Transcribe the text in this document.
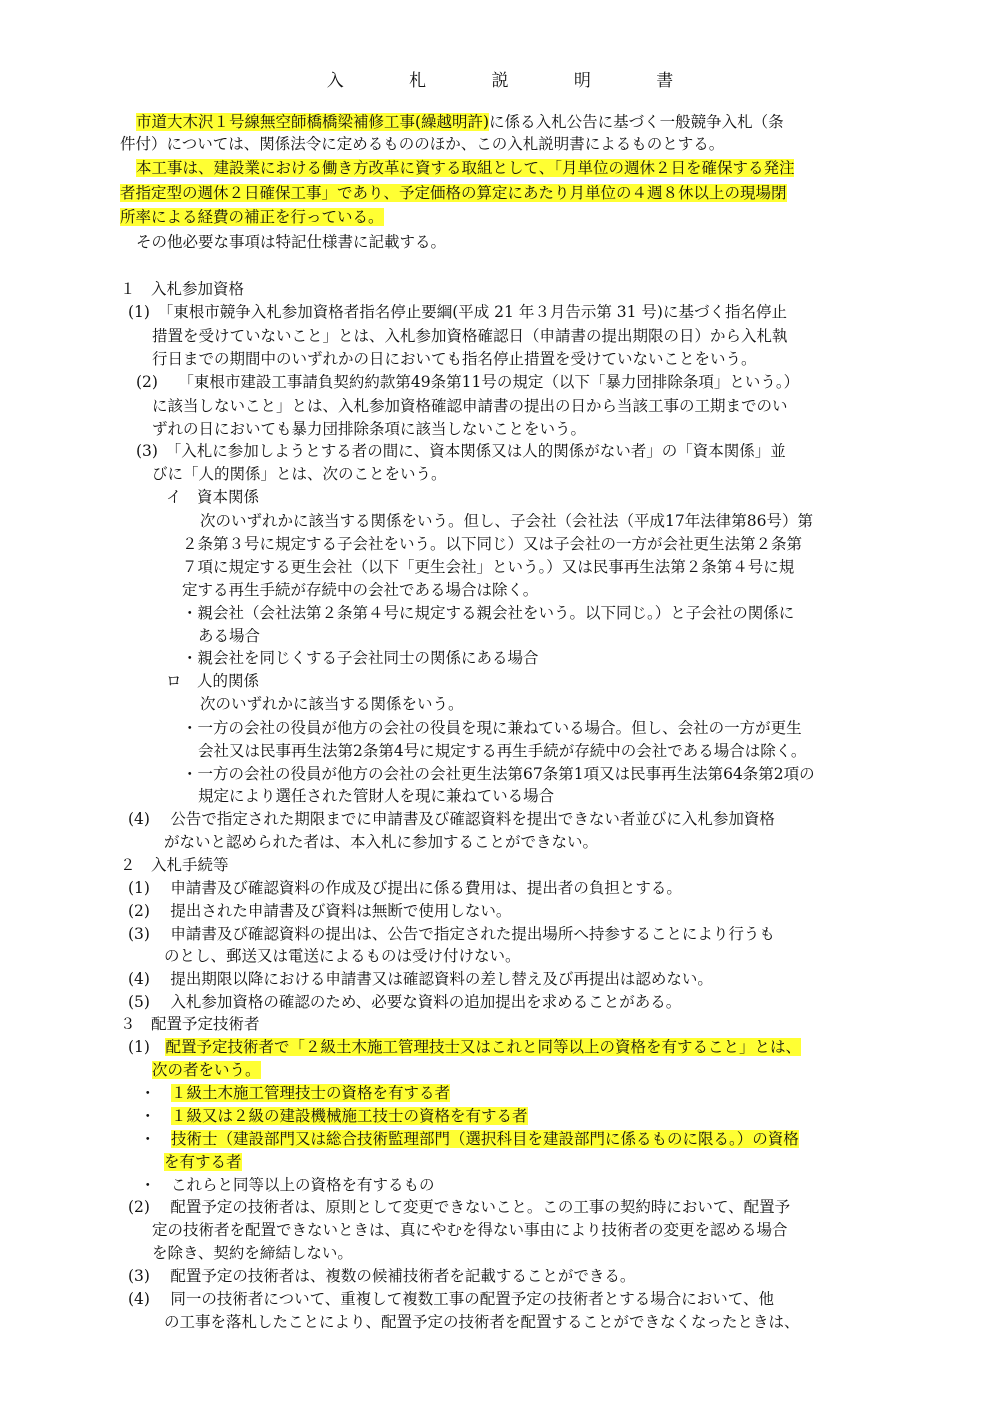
入 札 説 明 書
市道大木沢１号線無空師橋橋梁補修工事(繰越明許)に係る入札公告に基づく一般競争入札（条
件付）については、関係法令に定めるもののほか、この入札説明書によるものとする。
本工事は、建設業における働き方改革に資する取組として、「月単位の週休２日を確保する発注
者指定型の週休２日確保工事」であり、予定価格の算定にあたり月単位の４週８休以上の現場閉
所率による経費の補正を行っている。
その他必要な事項は特記仕様書に記載する。
１　入札参加資格
(1)　「東根市競争入札参加資格者指名停止要綱(平成 21 年３月告示第 31 号)に基づく指名停止
措置を受けていないこと」とは、入札参加資格確認日（申請書の提出期限の日）から入札執
行日までの期間中のいずれかの日においても指名停止措置を受けていないことをいう。
(2)　 「東根市建設工事請負契約約款第49条第11号の規定（以下「暴力団排除条項」という。）
に該当しないこと」とは、入札参加資格確認申請書の提出の日から当該工事の工期までのい
ずれの日においても暴力団排除条項に該当しないことをいう。
(3)　「入札に参加しようとする者の間に、資本関係又は人的関係がない者」の「資本関係」並
びに「人的関係」とは、次のことをいう。
イ　資本関係
次のいずれかに該当する関係をいう。但し、子会社（会社法（平成17年法律第86号）第
２条第３号に規定する子会社をいう。以下同じ）又は子会社の一方が会社更生法第２条第
７項に規定する更生会社（以下「更生会社」という。）又は民事再生法第２条第４号に規
定する再生手続が存続中の会社である場合は除く。
・親会社（会社法第２条第４号に規定する親会社をいう。以下同じ。）と子会社の関係に
ある場合
・親会社を同じくする子会社同士の関係にある場合
ロ　人的関係
次のいずれかに該当する関係をいう。
・一方の会社の役員が他方の会社の役員を現に兼ねている場合。但し、会社の一方が更生
会社又は民事再生法第2条第4号に規定する再生手続が存続中の会社である場合は除く。
・一方の会社の役員が他方の会社の会社更生法第67条第1項又は民事再生法第64条第2項の
規定により選任された管財人を現に兼ねている場合
(4)　 公告で指定された期限までに申請書及び確認資料を提出できない者並びに入札参加資格
がないと認められた者は、本入札に参加することができない。
２　入札手続等
(1)　 申請書及び確認資料の作成及び提出に係る費用は、提出者の負担とする。
(2)　 提出された申請書及び資料は無断で使用しない。
(3)　 申請書及び確認資料の提出は、公告で指定された提出場所へ持参することにより行うも
のとし、郵送又は電送によるものは受け付けない。
(4)　 提出期限以降における申請書又は確認資料の差し替え及び再提出は認めない。
(5)　 入札参加資格の確認のため、必要な資料の追加提出を求めることがある。
３　配置予定技術者
(1)　配置予定技術者で「２級土木施工管理技士又はこれと同等以上の資格を有すること」とは、
次の者をいう。
・　 １級土木施工管理技士の資格を有する者
・　 １級又は２級の建設機械施工技士の資格を有する者
・　 技術士（建設部門又は総合技術監理部門（選択科目を建設部門に係るものに限る。）の資格
を有する者
・　 これらと同等以上の資格を有するもの
(2)　 配置予定の技術者は、原則として変更できないこと。この工事の契約時において、配置予
定の技術者を配置できないときは、真にやむを得ない事由により技術者の変更を認める場合
を除き、契約を締結しない。
(3)　 配置予定の技術者は、複数の候補技術者を記載することができる。
(4)　 同一の技術者について、重複して複数工事の配置予定の技術者とする場合において、他
の工事を落札したことにより、配置予定の技術者を配置することができなくなったときは、
